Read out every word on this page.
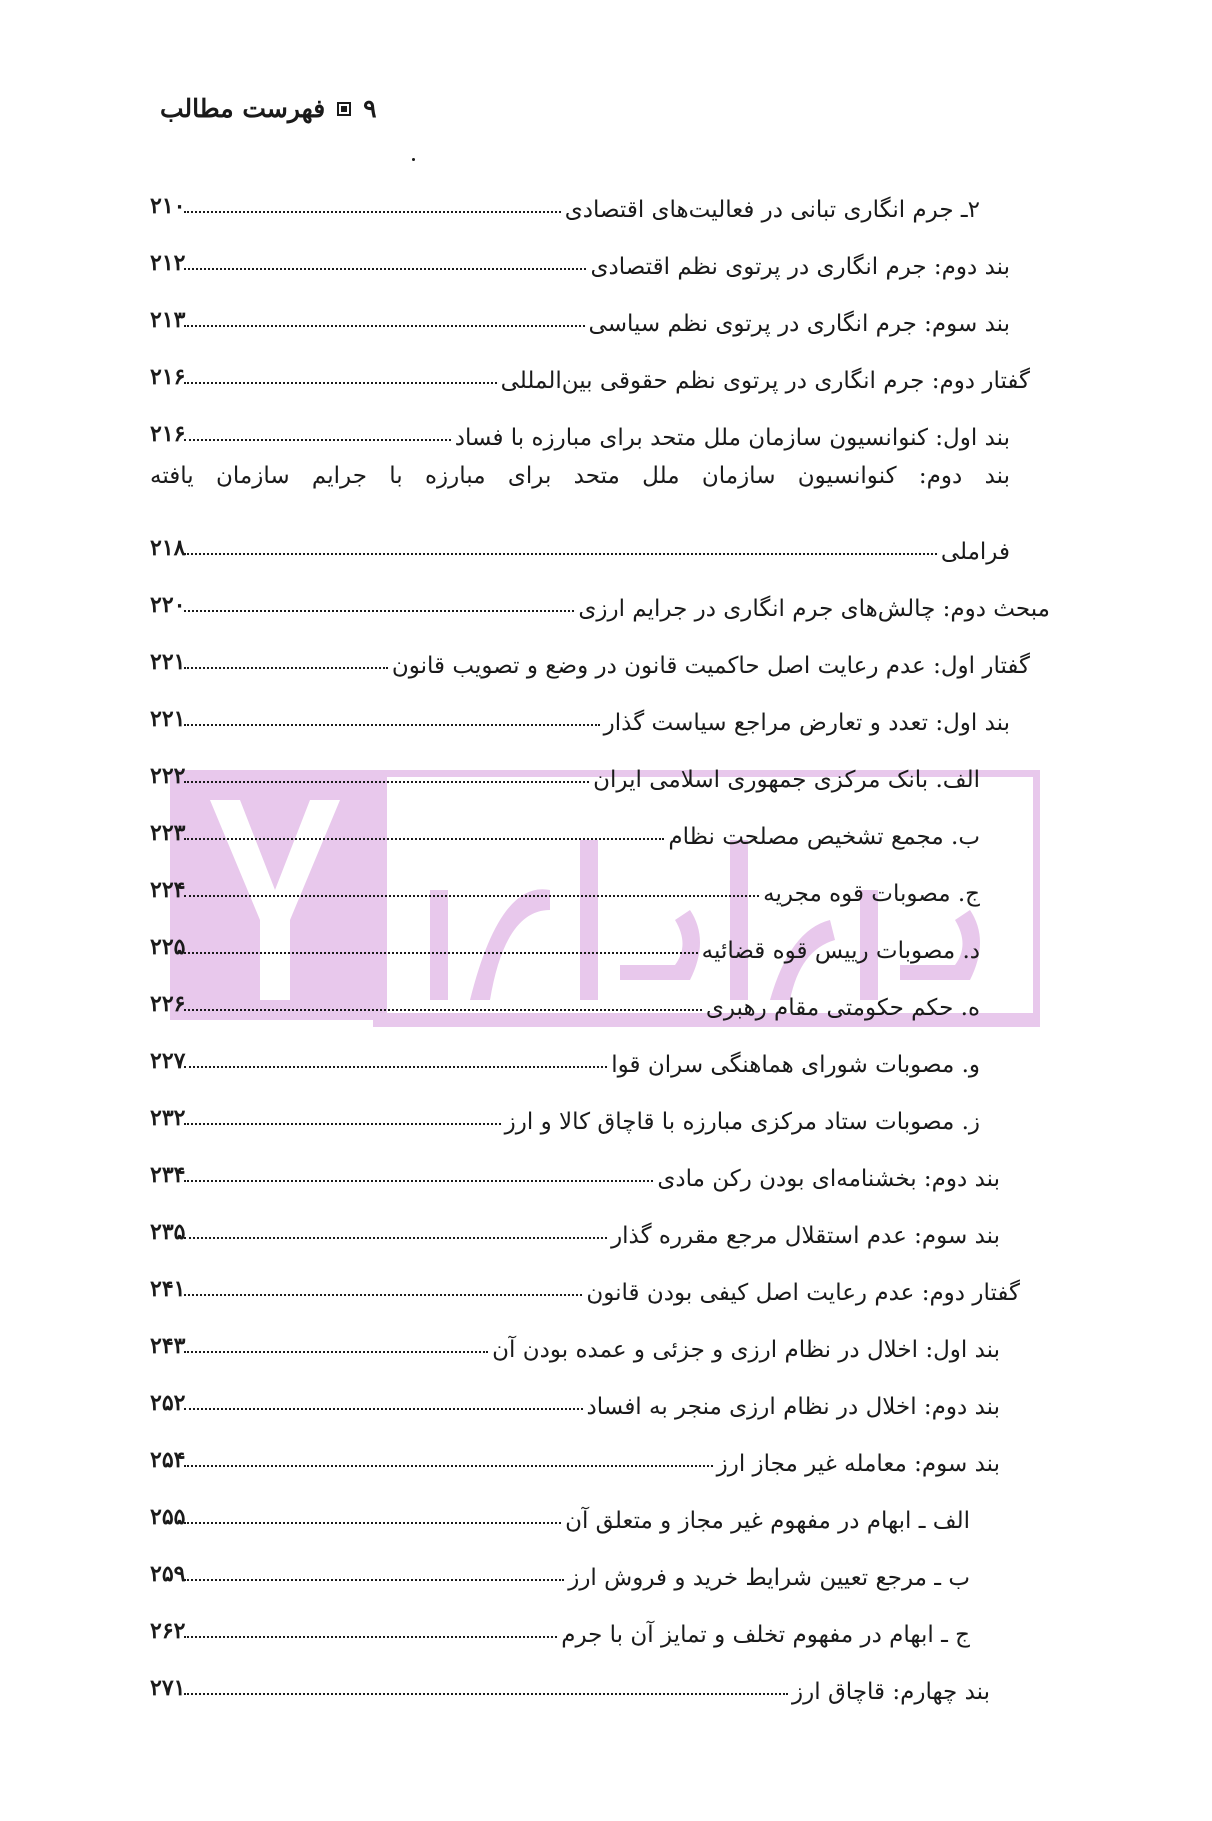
۹
فهرست مطالب
۲۱۰	۲ـ جرم انگاری تبانی در فعالیت‌های اقتصادی
۲۱۲	بند دوم: جرم انگاری در پرتوی نظم اقتصادی
۲۱۳	بند سوم: جرم انگاری در پرتوی نظم سیاسی
۲۱۶	گفتار دوم: جرم انگاری در پرتوی نظم حقوقی بین‌المللی
۲۱۶	بند اول: کنوانسیون سازمان ملل متحد برای مبارزه با فساد
بند دوم: کنوانسیون سازمان ملل متحد برای مبارزه با جرایم سازمان یافته
۲۱۸	فراملی
۲۲۰	مبحث دوم: چالش‌های جرم انگاری در جرایم ارزی
۲۲۱	گفتار اول: عدم رعایت اصل حاکمیت قانون در وضع و تصویب قانون
۲۲۱	بند اول: تعدد و تعارض مراجع سیاست گذار
۲۲۲	الف. بانک مرکزی جمهوری اسلامی ایران
۲۲۳	ب. مجمع تشخیص مصلحت نظام
۲۲۴	ج. مصوبات قوه مجریه
۲۲۵	د. مصوبات رییس قوه قضائیه
۲۲۶	ه. حکم حکومتی مقام رهبری
۲۲۷	و. مصوبات شورای هماهنگی سران قوا
۲۳۲	ز. مصوبات ستاد مرکزی مبارزه با قاچاق کالا و ارز
۲۳۴	بند دوم: بخشنامه‌ای بودن رکن مادی
۲۳۵	بند سوم: عدم استقلال مرجع مقرره گذار
۲۴۱	گفتار دوم: عدم رعایت اصل کیفی بودن قانون
۲۴۳	بند اول: اخلال در نظام ارزی و جزئی و عمده بودن آن
۲۵۲	بند دوم: اخلال در نظام ارزی منجر به افساد
۲۵۴	بند سوم: معامله غیر مجاز ارز
۲۵۵	الف ـ ابهام در مفهوم غیر مجاز و متعلق آن
۲۵۹	ب ـ مرجع تعیین شرایط خرید و فروش ارز
۲۶۲	ج ـ ابهام در مفهوم تخلف و تمایز آن با جرم
۲۷۱	بند چهارم: قاچاق ارز
